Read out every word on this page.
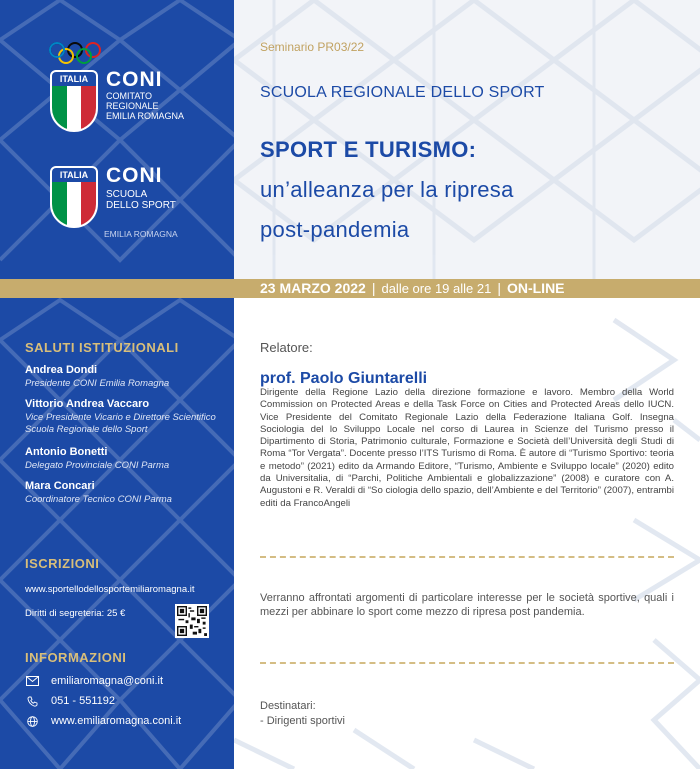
ITALIA CONI
COMITATO
REGIONALE
EMILIA ROMAGNA
ITALIA CONI
SCUOLA
DELLO SPORT
EMILIA ROMAGNA
23 MARZO 2022 | dalle ore 19 alle 21 | ON-LINE
SALUTI ISTITUZIONALI
Andrea Dondi
Presidente CONI Emilia Romagna
Vittorio Andrea Vaccaro
Vice Presidente Vicario e Direttore Scientifico Scuola Regionale dello Sport
Antonio Bonetti
Delegato Provinciale CONI Parma
Mara Concari
Coordinatore Tecnico CONI Parma
ISCRIZIONI
www.sportellodellosportemiliaromagna.it
Diritti di segreteria: 25 €
INFORMAZIONI
emiliaromagna@coni.it
051 - 551192
www.emiliaromagna.coni.it
Seminario PR03/22
SCUOLA REGIONALE DELLO SPORT
SPORT E TURISMO:
un’alleanza per la ripresa
post-pandemia
Relatore:
prof. Paolo Giuntarelli
Dirigente della Regione Lazio della direzione formazione e lavoro. Membro della World Commission on Protected Areas e della Task Force on Cities and Protected Areas dello IUCN. Vice Presidente del Comitato Regionale Lazio della Federazione Italiana Golf. Insegna Sociologia del lo Sviluppo Locale nel corso di Laurea in Scienze del Turismo presso il Dipartimento di Storia, Patrimonio culturale, Formazione e Società dell’Università degli Studi di Roma “Tor Vergata”. Docente presso l’ITS Turismo di Roma. È autore di “Turismo Sportivo: teoria e metodo” (2021) edito da Armando Editore, “Turismo, Ambiente e Sviluppo locale” (2020) edito da Universitalia, di “Parchi, Politiche Ambientali e globalizzazione” (2008) e curatore con A. Augustoni e R. Veraldi di “So ciologia dello spazio, dell’Ambiente e del Territorio” (2007), entrambi editi da FrancoAngeli
Verranno affrontati argomenti di particolare interesse per le società sportive, quali i mezzi per abbinare lo sport come mezzo di ripresa post pandemia.
Destinatari:
- Dirigenti sportivi
